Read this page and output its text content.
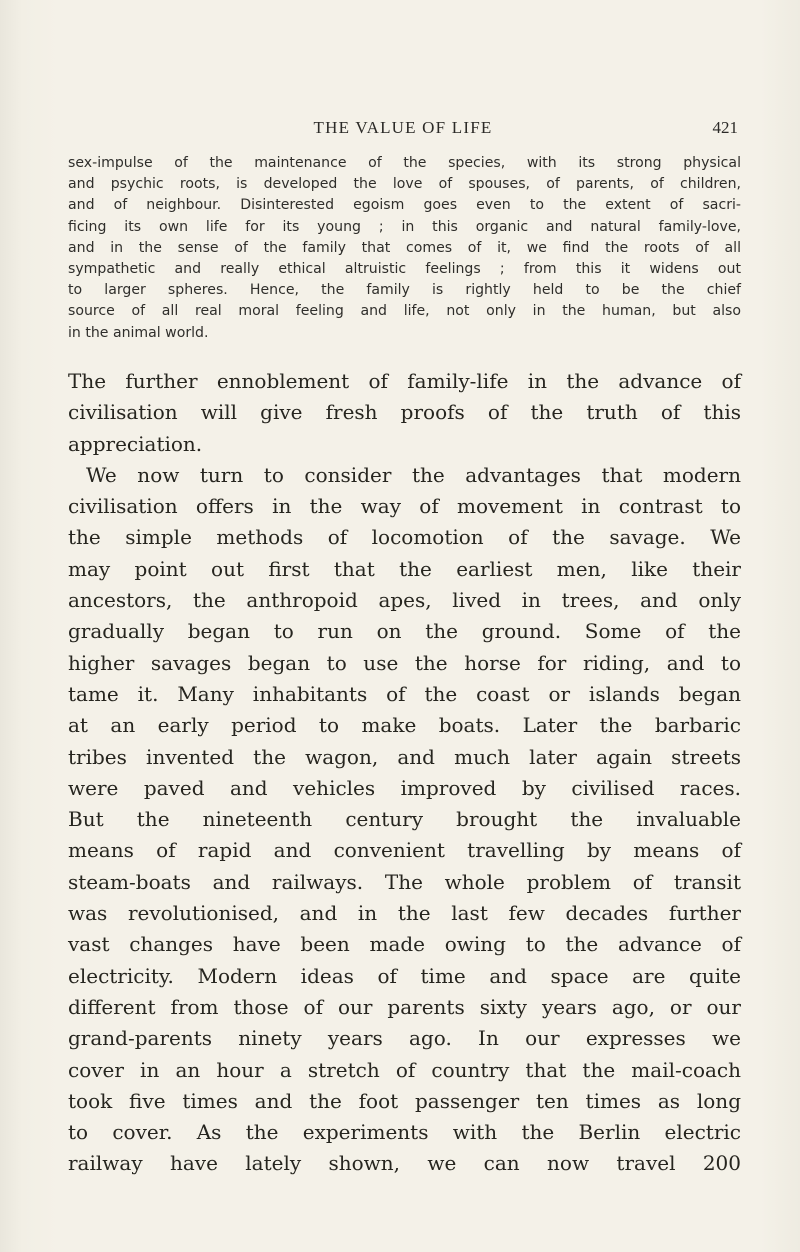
THE VALUE OF LIFE	421
sex-impulse of the maintenance of the species, with its strong physical
and psychic roots, is developed the love of spouses, of parents, of children,
and of neighbour. Disinterested egoism goes even to the extent of sacri-
ficing its own life for its young ; in this organic and natural family-love,
and in the sense of the family that comes of it, we find the roots of all
sympathetic and really ethical altruistic feelings ; from this it widens out
to larger spheres. Hence, the family is rightly held to be the chief
source of all real moral feeling and life, not only in the human, but also
in the animal world.
The further ennoblement of family-life in the advance of
civilisation will give fresh proofs of the truth of this
appreciation.
We now turn to consider the advantages that modern
civilisation offers in the way of movement in contrast to
the simple methods of locomotion of the savage. We
may point out first that the earliest men, like their
ancestors, the anthropoid apes, lived in trees, and only
gradually began to run on the ground. Some of the
higher savages began to use the horse for riding, and to
tame it. Many inhabitants of the coast or islands began
at an early period to make boats. Later the barbaric
tribes invented the wagon, and much later again streets
were paved and vehicles improved by civilised races.
But the nineteenth century brought the invaluable
means of rapid and convenient travelling by means of
steam-boats and railways. The whole problem of transit
was revolutionised, and in the last few decades further
vast changes have been made owing to the advance of
electricity. Modern ideas of time and space are quite
different from those of our parents sixty years ago, or our
grand-parents ninety years ago. In our expresses we
cover in an hour a stretch of country that the mail-coach
took five times and the foot passenger ten times as long
to cover. As the experiments with the Berlin electric
railway have lately shown, we can now travel 200
